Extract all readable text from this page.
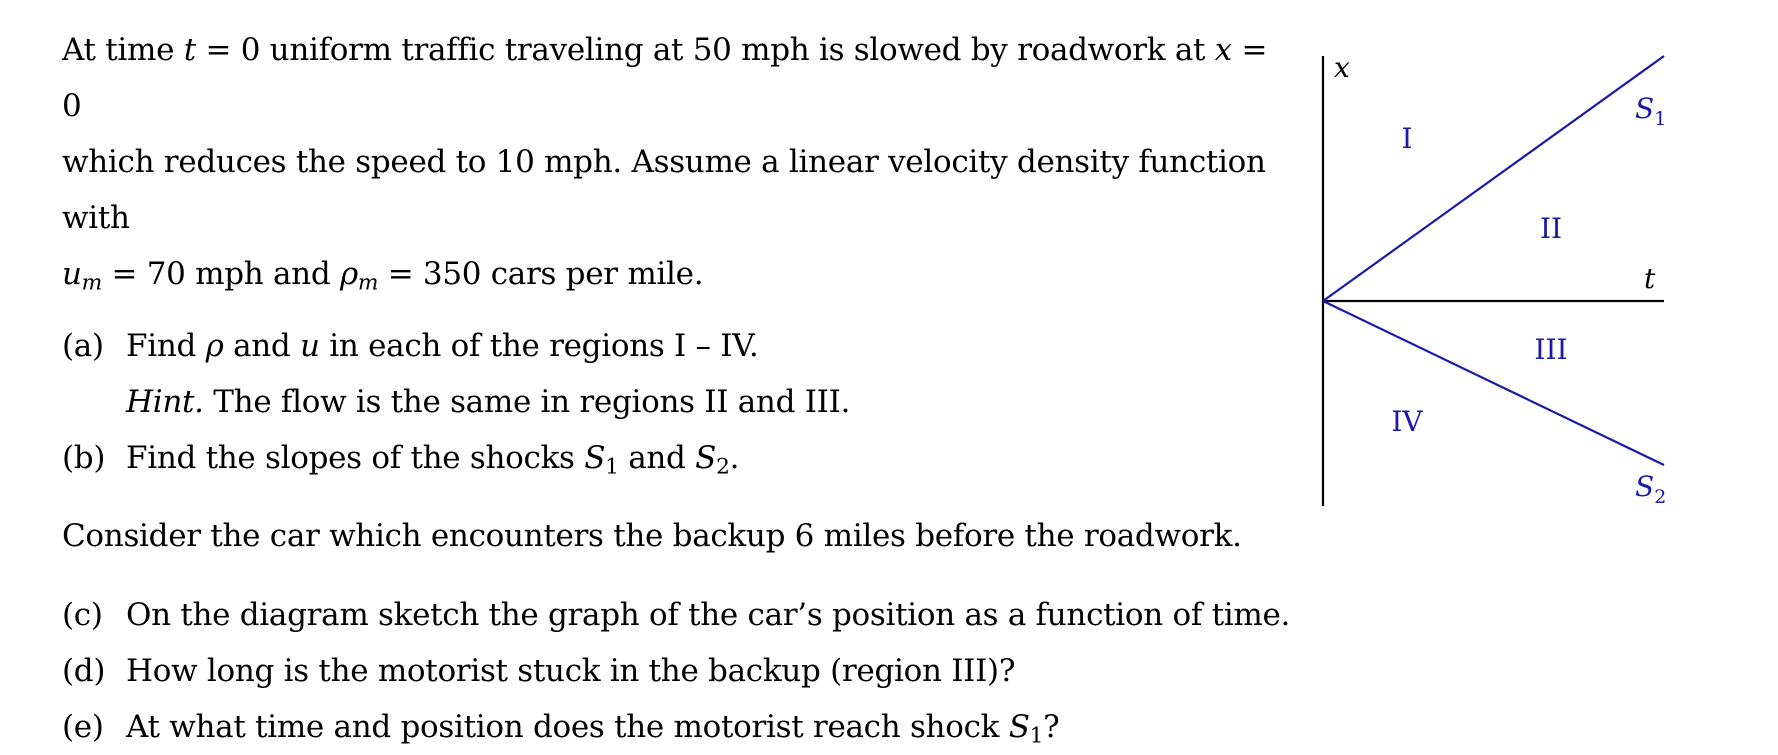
At time t = 0 uniform traffic traveling at 50 mph is slowed by roadwork at x = 0
which reduces the speed to 10 mph. Assume a linear velocity density function with
$u_m = 70$ mph and $\rho_m = 350$ cars per mile.
(a) Find ρ and u in each of the regions I – IV.
Hint. The flow is the same in regions II and III.
(b) Find the slopes of the shocks $S_1$ and $S_2$.
Consider the car which encounters the backup 6 miles before the roadwork.
(c) On the diagram sketch the graph of the car’s position as a function of time.
(d) How long is the motorist stuck in the backup (region III)?
(e) At what time and position does the motorist reach shock $S_1$?
x
t
I
II
III
IV
$S_1$
$S_2$
